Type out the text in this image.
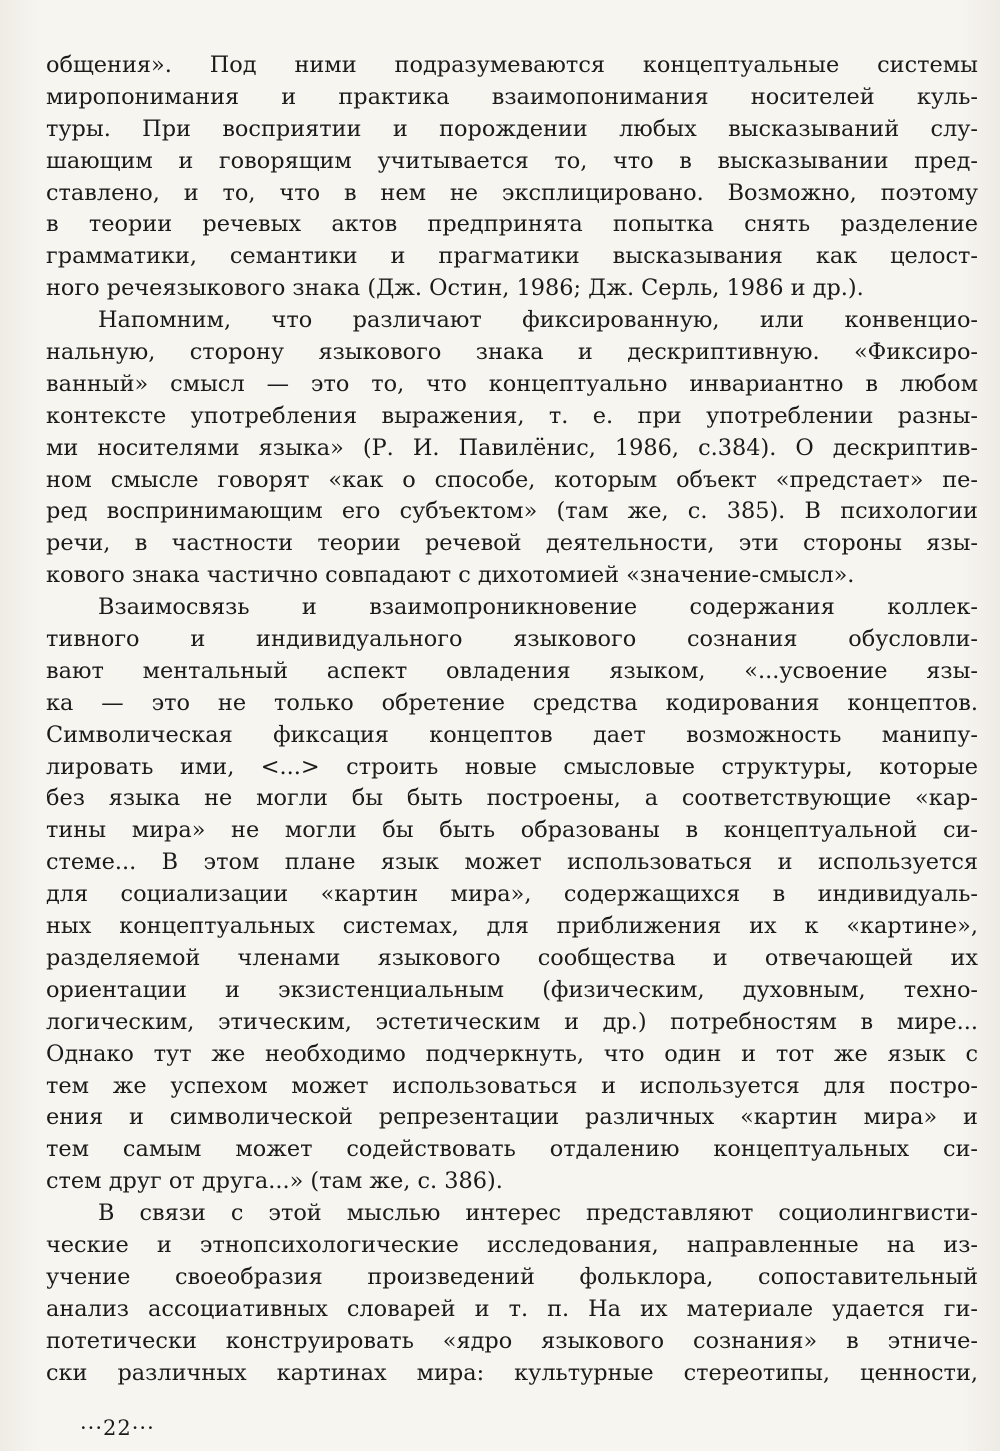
общения». Под ними подразумеваются концептуальные системы
миропонимания и практика взаимопонимания носителей куль-
туры. При восприятии и порождении любых высказываний слу-
шающим и говорящим учитывается то, что в высказывании пред-
ставлено, и то, что в нем не эксплицировано. Возможно, поэтому
в теории речевых актов предпринята попытка снять разделение
грамматики, семантики и прагматики высказывания как целост-
ного речеязыкового знака (Дж. Остин, 1986; Дж. Серль, 1986 и др.).
Напомним, что различают фиксированную, или конвенцио-
нальную, сторону языкового знака и дескриптивную. «Фиксиро-
ванный» смысл — это то, что концептуально инвариантно в любом
контексте употребления выражения, т. е. при употреблении разны-
ми носителями языка» (Р. И. Павилёнис, 1986, с.384). О дескриптив-
ном смысле говорят «как о способе, которым объект «предстает» пе-
ред воспринимающим его субъектом» (там же, с. 385). В психологии
речи, в частности теории речевой деятельности, эти стороны язы-
кового знака частично совпадают с дихотомией «значение-смысл».
Взаимосвязь и взаимопроникновение содержания коллек-
тивного и индивидуального языкового сознания обусловли-
вают ментальный аспект овладения языком, «...усвоение язы-
ка — это не только обретение средства кодирования концептов.
Символическая фиксация концептов дает возможность манипу-
лировать ими, <...> строить новые смысловые структуры, которые
без языка не могли бы быть построены, а соответствующие «кар-
тины мира» не могли бы быть образованы в концептуальной си-
стеме... В этом плане язык может использоваться и используется
для социализации «картин мира», содержащихся в индивидуаль-
ных концептуальных системах, для приближения их к «картине»,
разделяемой членами языкового сообщества и отвечающей их
ориентации и экзистенциальным (физическим, духовным, техно-
логическим, этическим, эстетическим и др.) потребностям в мире...
Однако тут же необходимо подчеркнуть, что один и тот же язык с
тем же успехом может использоваться и используется для постро-
ения и символической репрезентации различных «картин мира» и
тем самым может содействовать отдалению концептуальных си-
стем друг от друга...» (там же, с. 386).
В связи с этой мыслью интерес представляют социолингвисти-
ческие и этнопсихологические исследования, направленные на из-
учение своеобразия произведений фольклора, сопоставительный
анализ ассоциативных словарей и т. п. На их материале удается ги-
потетически конструировать «ядро языкового сознания» в этниче-
ски различных картинах мира: культурные стереотипы, ценности,
···22···
